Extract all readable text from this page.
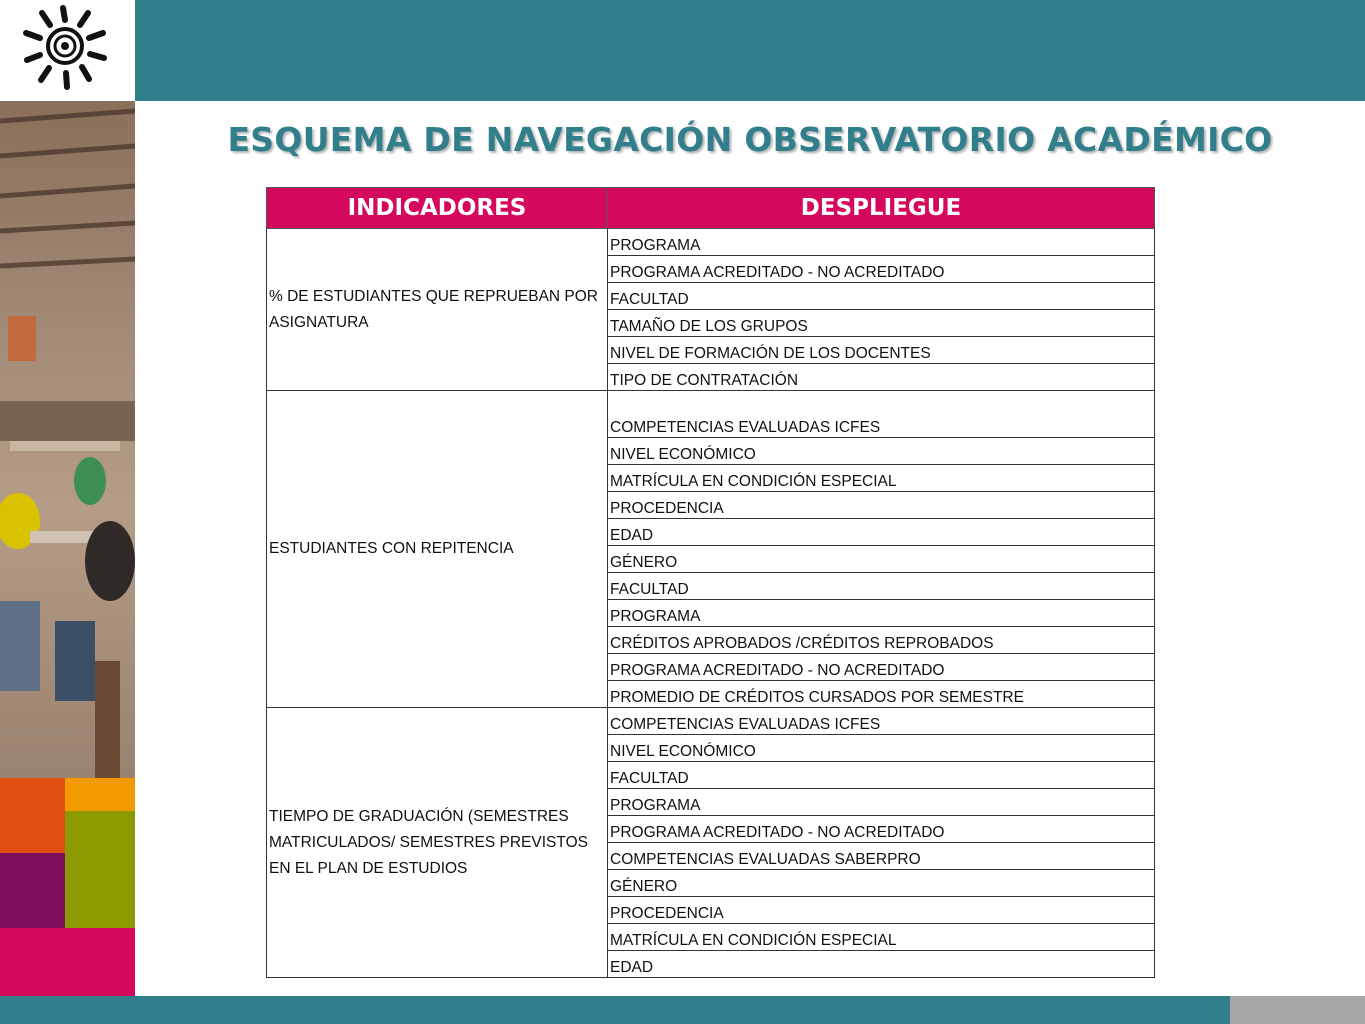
ESQUEMA DE NAVEGACIÓN OBSERVATORIO ACADÉMICO
INDICADORES	DESPLIEGUE
% DE ESTUDIANTES QUE REPRUEBAN POR ASIGNATURA	PROGRAMA
	PROGRAMA ACREDITADO - NO ACREDITADO
	FACULTAD
	TAMAÑO DE LOS GRUPOS
	NIVEL DE FORMACIÓN DE LOS DOCENTES
	TIPO DE CONTRATACIÓN
ESTUDIANTES CON REPITENCIA	COMPETENCIAS EVALUADAS ICFES
	NIVEL ECONÓMICO
	MATRÍCULA EN CONDICIÓN ESPECIAL
	PROCEDENCIA
	EDAD
	GÉNERO
	FACULTAD
	PROGRAMA
	CRÉDITOS APROBADOS /CRÉDITOS REPROBADOS
	PROGRAMA ACREDITADO - NO ACREDITADO
	PROMEDIO DE CRÉDITOS CURSADOS POR SEMESTRE
TIEMPO DE GRADUACIÓN (SEMESTRES MATRICULADOS/ SEMESTRES PREVISTOS EN EL PLAN DE ESTUDIOS	COMPETENCIAS EVALUADAS ICFES
	NIVEL ECONÓMICO
	FACULTAD
	PROGRAMA
	PROGRAMA ACREDITADO - NO ACREDITADO
	COMPETENCIAS EVALUADAS SABERPRO
	GÉNERO
	PROCEDENCIA
	MATRÍCULA EN CONDICIÓN ESPECIAL
	EDAD
